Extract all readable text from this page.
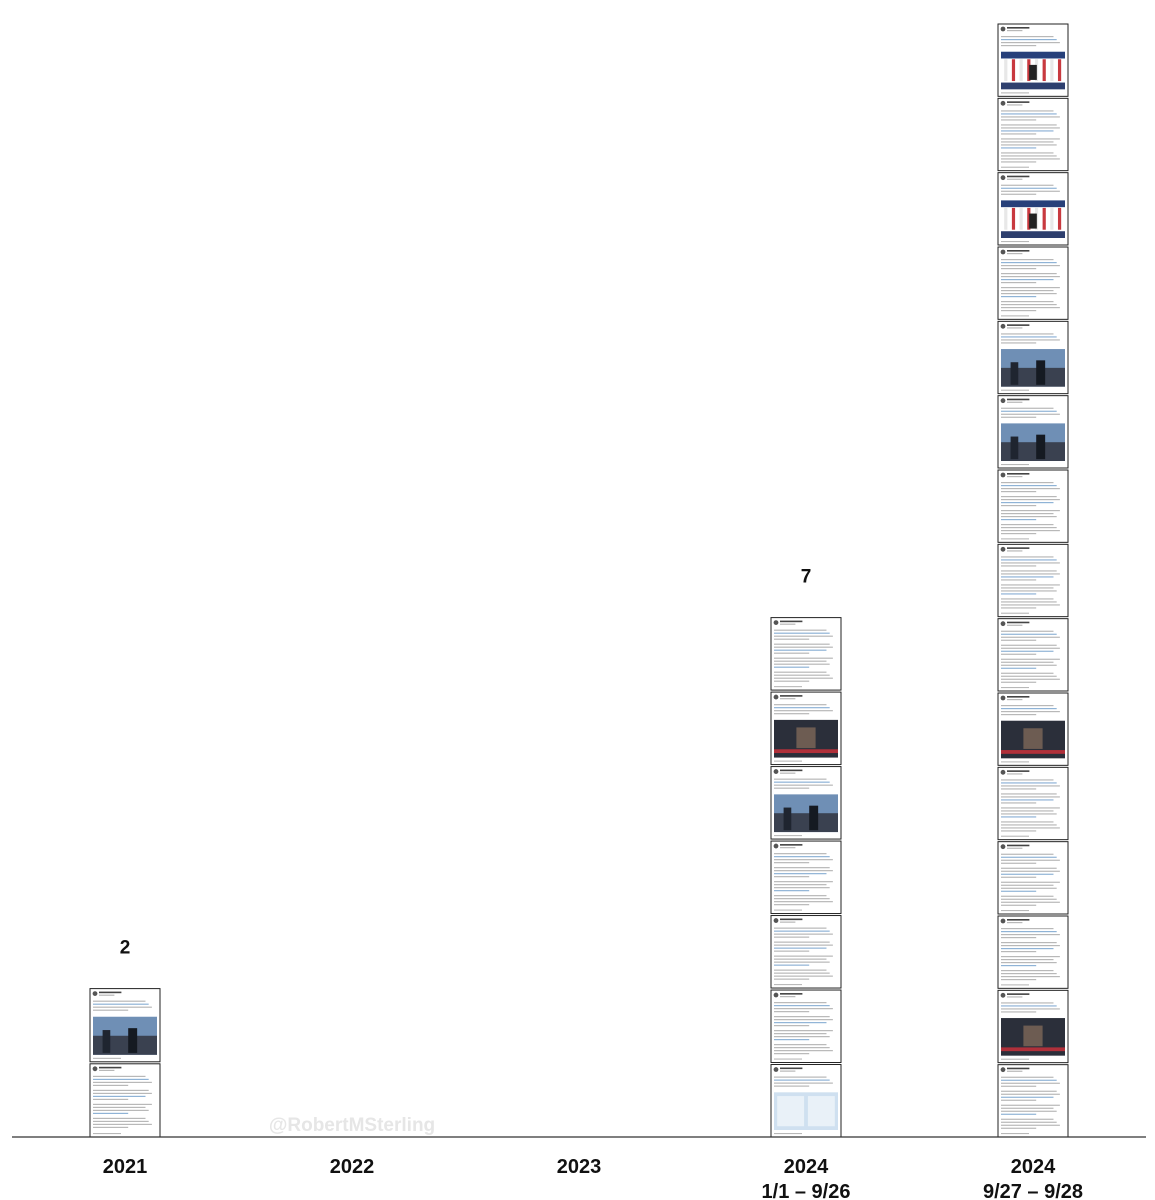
@RobertMSterling
2
2021	2022	2023
7
2024
1/1 – 9/26
2024
9/27 – 9/28
